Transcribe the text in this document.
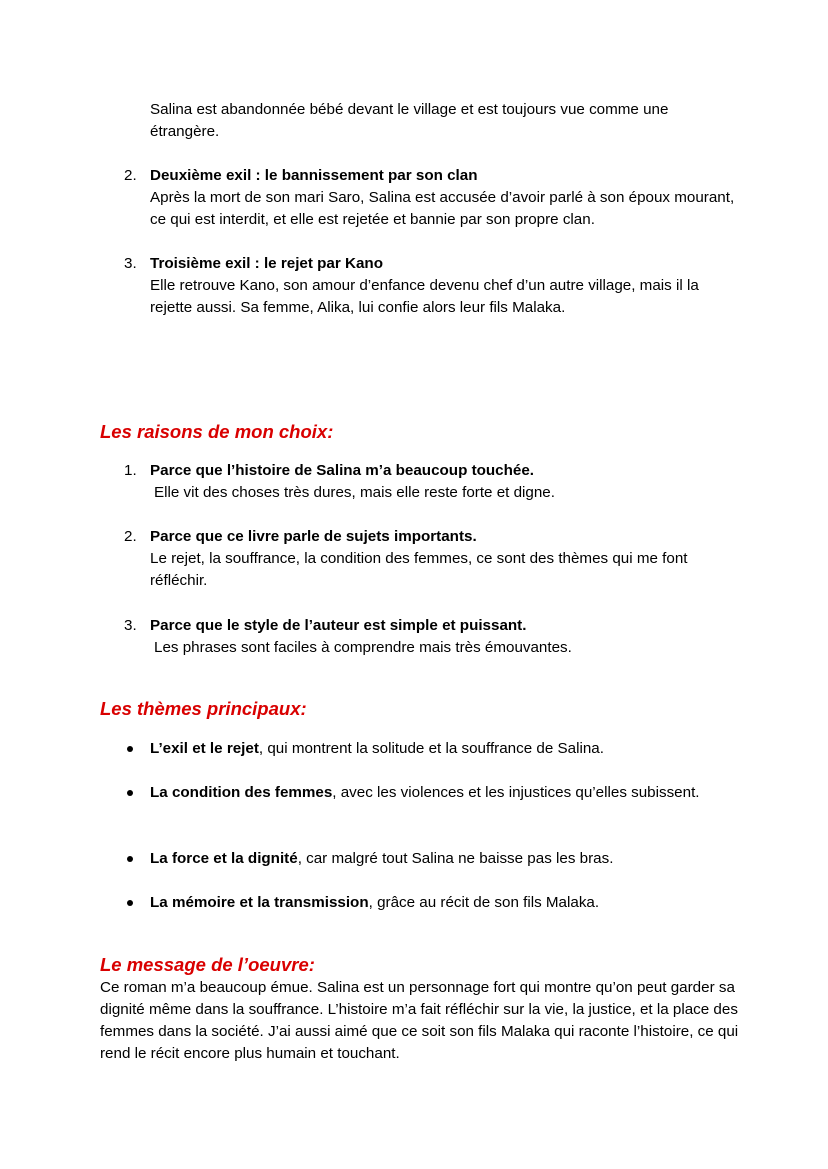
Salina est abandonnée bébé devant le village et est toujours vue comme une étrangère.

2. Deuxième exil : le bannissement par son clan
Après la mort de son mari Saro, Salina est accusée d’avoir parlé à son époux mourant, ce qui est interdit, et elle est rejetée et bannie par son propre clan.
3. Troisième exil : le rejet par Kano
Elle retrouve Kano, son amour d’enfance devenu chef d’un autre village, mais il la rejette aussi. Sa femme, Alika, lui confie alors leur fils Malaka.
Les raisons de mon choix:
1. Parce que l’histoire de Salina m’a beaucoup touchée.
Elle vit des choses très dures, mais elle reste forte et digne.
2. Parce que ce livre parle de sujets importants.
Le rejet, la souffrance, la condition des femmes, ce sont des thèmes qui me font réfléchir.
3. Parce que le style de l’auteur est simple et puissant.
Les phrases sont faciles à comprendre mais très émouvantes.
Les thèmes principaux:
L’exil et le rejet, qui montrent la solitude et la souffrance de Salina.
La condition des femmes, avec les violences et les injustices qu’elles subissent.
La force et la dignité, car malgré tout Salina ne baisse pas les bras.
La mémoire et la transmission, grâce au récit de son fils Malaka.
Le message de l’oeuvre:

Ce roman m’a beaucoup émue. Salina est un personnage fort qui montre qu’on peut garder sa dignité même dans la souffrance. L’histoire m’a fait réfléchir sur la vie, la justice, et la place des femmes dans la société. J’ai aussi aimé que ce soit son fils Malaka qui raconte l’histoire, ce qui rend le récit encore plus humain et touchant.
